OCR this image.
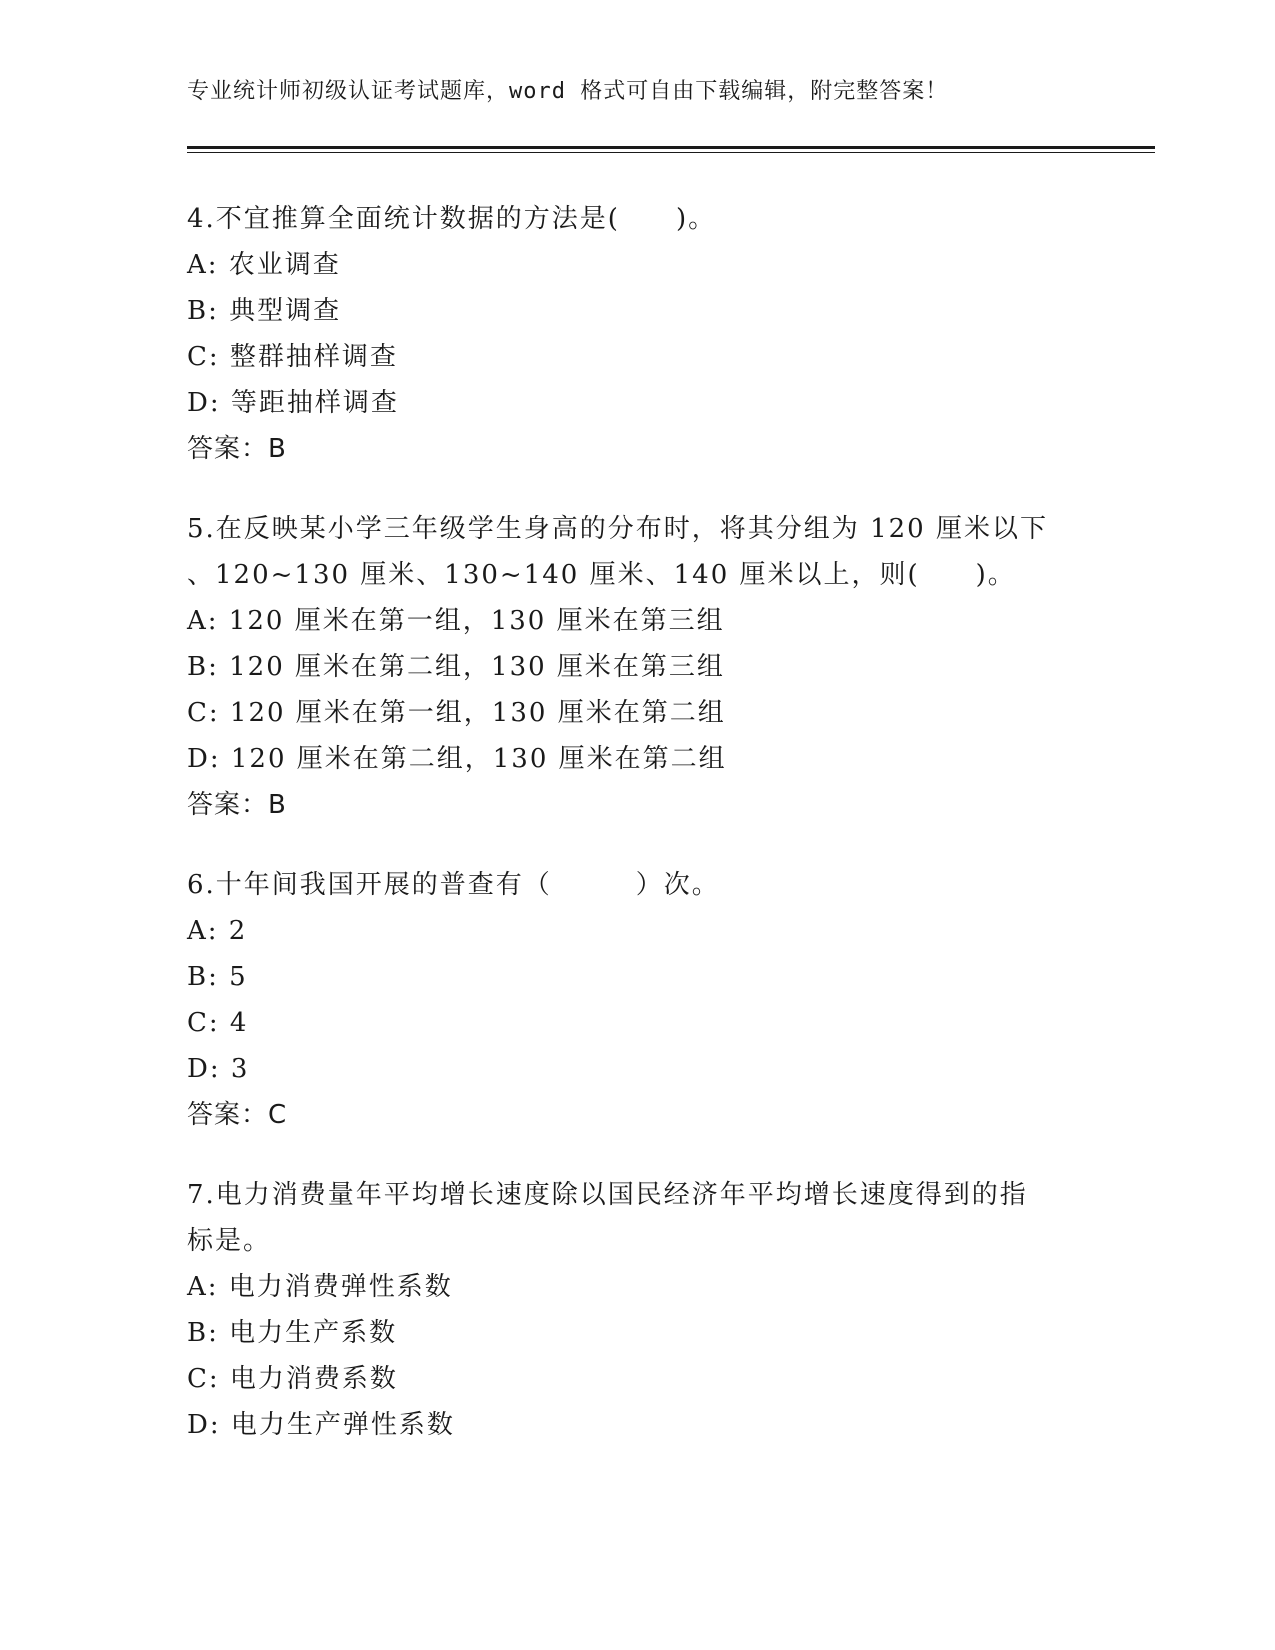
专业统计师初级认证考试题库，word 格式可自由下载编辑，附完整答案！
4.不宜推算全面统计数据的方法是(　　)。
A: 农业调查
B: 典型调查
C: 整群抽样调查
D: 等距抽样调查
答案：B
5.在反映某小学三年级学生身高的分布时，将其分组为 120 厘米以下
、120~130 厘米、130~140 厘米、140 厘米以上，则(　　)。
A: 120 厘米在第一组，130 厘米在第三组
B: 120 厘米在第二组，130 厘米在第三组
C: 120 厘米在第一组，130 厘米在第二组
D: 120 厘米在第二组，130 厘米在第二组
答案：B
6.十年间我国开展的普查有（　　　）次。
A: 2
B: 5
C: 4
D: 3
答案：C
7.电力消费量年平均增长速度除以国民经济年平均增长速度得到的指
标是。
A: 电力消费弹性系数
B: 电力生产系数
C: 电力消费系数
D: 电力生产弹性系数
